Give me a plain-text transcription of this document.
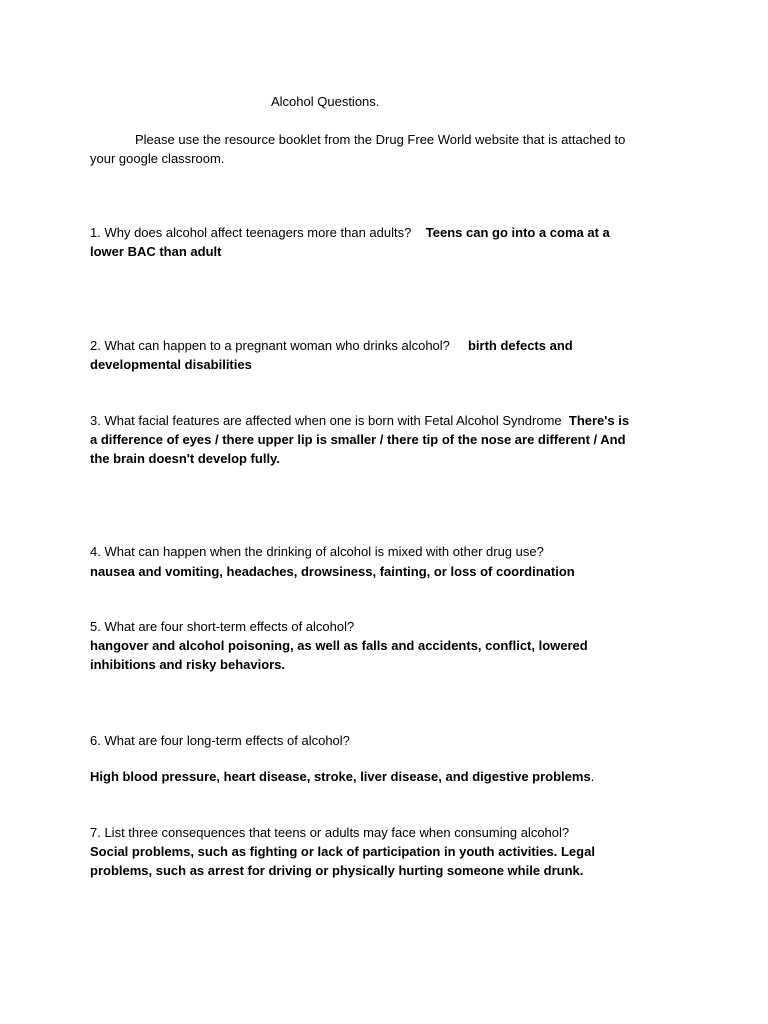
Alcohol Questions.
Please use the resource booklet from the Drug Free World website that is attached to
your google classroom.
1. Why does alcohol affect teenagers more than adults? Teens can go into a coma at a
lower BAC than adult
2. What can happen to a pregnant woman who drinks alcohol? birth defects and
developmental disabilities
3. What facial features are affected when one is born with Fetal Alcohol Syndrome There's is
a difference of eyes / there upper lip is smaller / there tip of the nose are different / And
the brain doesn't develop fully.
4. What can happen when the drinking of alcohol is mixed with other drug use?
nausea and vomiting, headaches, drowsiness, fainting, or loss of coordination
5. What are four short-term effects of alcohol?
hangover and alcohol poisoning, as well as falls and accidents, conflict, lowered
inhibitions and risky behaviors.
6. What are four long-term effects of alcohol?
High blood pressure, heart disease, stroke, liver disease, and digestive problems.
7. List three consequences that teens or adults may face when consuming alcohol?
Social problems, such as fighting or lack of participation in youth activities. Legal
problems, such as arrest for driving or physically hurting someone while drunk.
